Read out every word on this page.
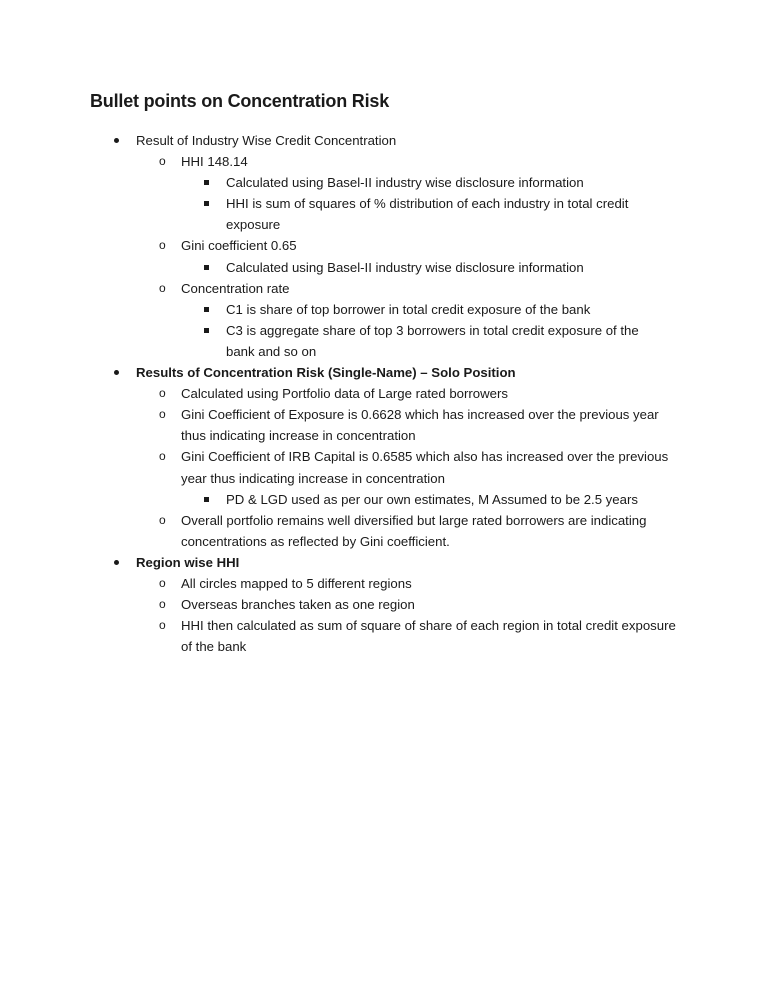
Bullet points on Concentration Risk
Result of Industry Wise Credit Concentration
o HHI 148.14
Calculated using Basel-II industry wise disclosure information
HHI is sum of squares of % distribution of each industry in total credit exposure
o Gini coefficient 0.65
Calculated using Basel-II industry wise disclosure information
o Concentration rate
C1 is share of top borrower in total credit exposure of the bank
C3 is aggregate share of top 3 borrowers in total credit exposure of the bank and so on
Results of Concentration Risk (Single-Name) – Solo Position
o Calculated using Portfolio data of Large rated borrowers
o Gini Coefficient of Exposure is 0.6628 which has increased over the previous year thus indicating increase in concentration
o Gini Coefficient of IRB Capital is 0.6585 which also has increased over the previous year thus indicating increase in concentration
PD & LGD used as per our own estimates, M Assumed to be 2.5 years
o Overall portfolio remains well diversified but large rated borrowers are indicating concentrations as reflected by Gini coefficient.
Region wise HHI
o All circles mapped to 5 different regions
o Overseas branches taken as one region
o HHI then calculated as sum of square of share of each region in total credit exposure of the bank
